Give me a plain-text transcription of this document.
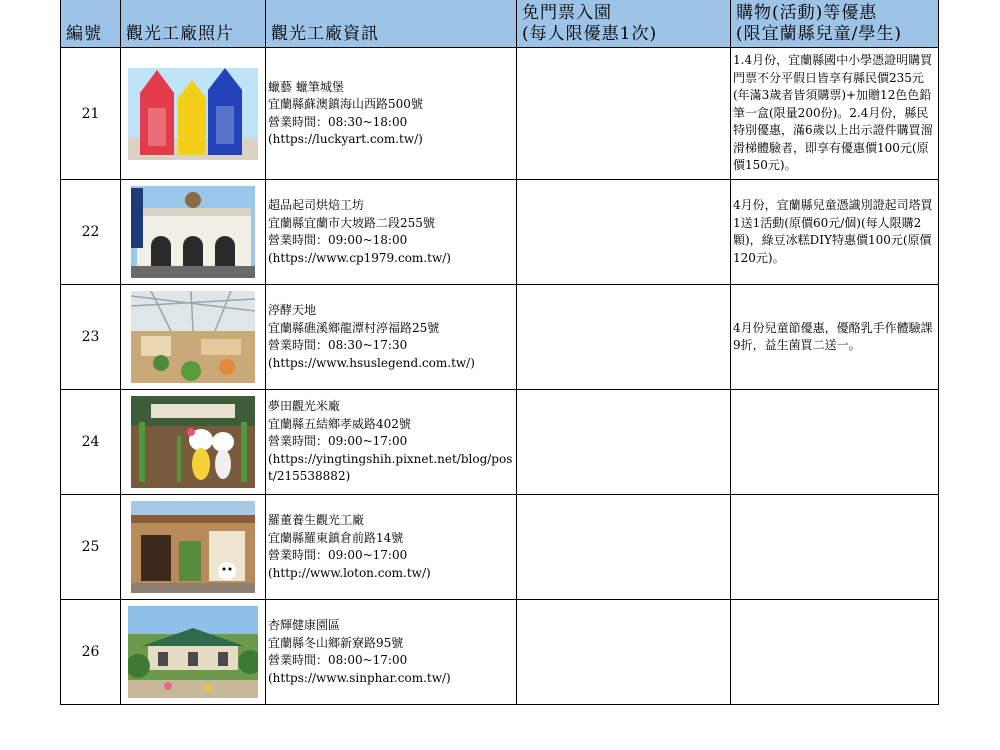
編號	觀光工廠照片	觀光工廠資訊	免門票入園
(每人限優惠1次)	購物(活動)等優惠
(限宜蘭縣兒童/學生)

21		蠟藝 蠟筆城堡
宜蘭縣蘇澳鎮海山西路500號
營業時間：08:30~18:00
(https://luckyart.com.tw/)		1.4月份，宜蘭縣國中小學憑證明購買門票不分平假日皆享有縣民價235元(年滿3歲者皆須購票)+加贈12色色鉛筆一盒(限量200份)。2.4月份，縣民特別優惠，滿6歲以上出示證件購買溜滑梯體驗者，即享有優惠價100元(原價150元)。
22		超品起司烘焙工坊
宜蘭縣宜蘭市大坡路二段255號
營業時間：09:00~18:00
(https://www.cp1979.com.tw/)		4月份，宜蘭縣兒童憑識別證起司塔買1送1活動(原價60元/個)(每人限購2顆)，綠豆冰糕DIY特惠價100元(原價120元)。
23		渟酵天地
宜蘭縣礁溪鄉龍潭村渟福路25號
營業時間：08:30~17:30
(https://www.hsuslegend.com.tw/)		4月份兒童節優惠，優酪乳手作體驗課9折，益生菌買二送一。
24		夢田觀光米廠
宜蘭縣五結鄉孝威路402號
營業時間：09:00~17:00
(https://yingtingshih.pixnet.net/blog/post/215538882)		

25		羅董養生觀光工廠
宜蘭縣羅東鎮倉前路14號
營業時間：09:00~17:00
(http://www.loton.com.tw/)		

26		杏輝健康園區
宜蘭縣冬山鄉新寮路95號
營業時間：08:00~17:00
(https://www.sinphar.com.tw/)		
